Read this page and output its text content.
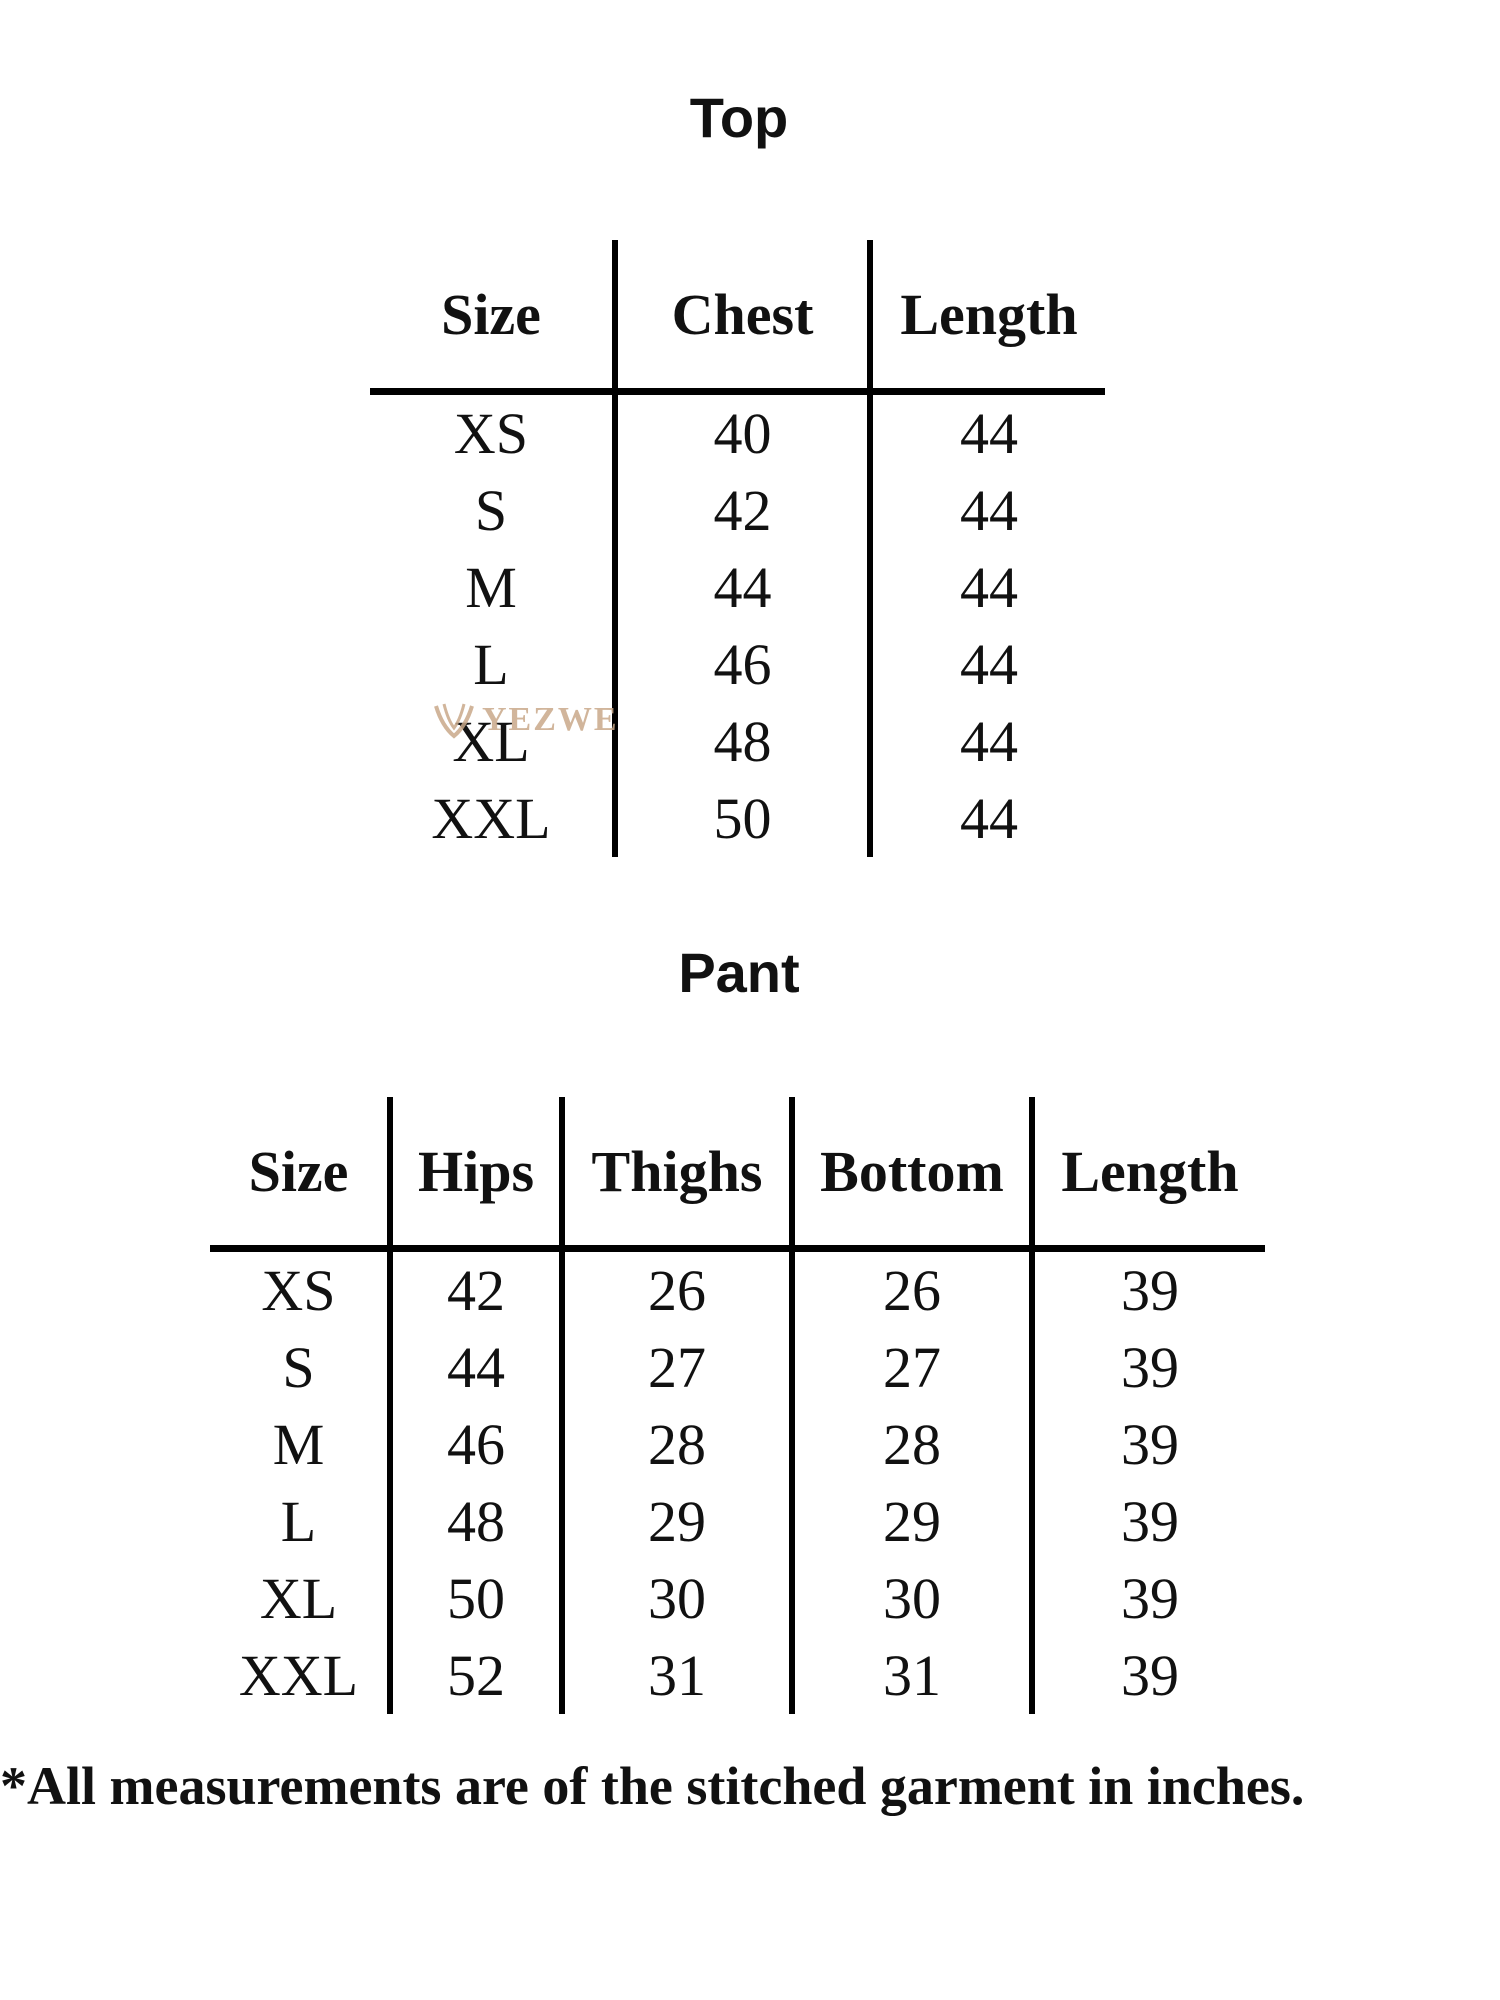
Top
Size	Chest	Length
XS	40	44
S	42	44
M	44	44
L	46	44
XL	48	44
XXL	50	44
YEZWE
Pant
Size	Hips	Thighs	Bottom	Length
XS	42	26	26	39
S	44	27	27	39
M	46	28	28	39
L	48	29	29	39
XL	50	30	30	39
XXL	52	31	31	39
*All measurements are of the stitched garment in inches.
